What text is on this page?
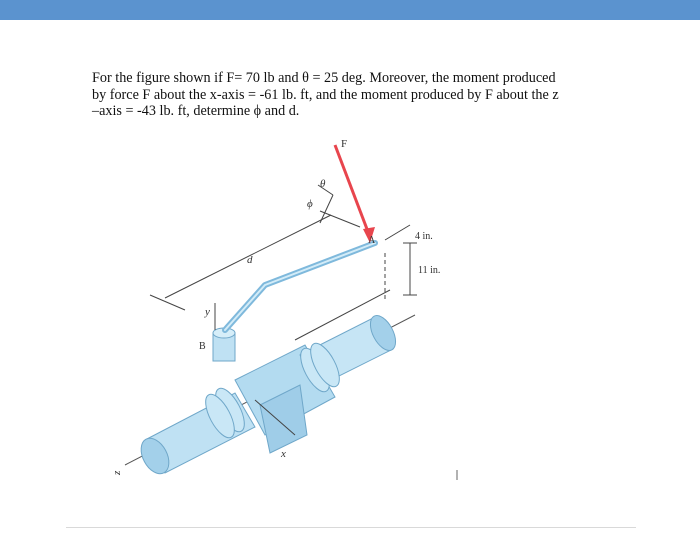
For the figure shown if F= 70 lb and θ = 25 deg. Moreover, the moment produced
by force F about the x-axis = -61 lb. ft, and the moment produced by F about the z
–axis = -43 lb. ft, determine ϕ and d.

F
θ
ϕ
d
A	4 in.
11 in.
B
y
x
z
